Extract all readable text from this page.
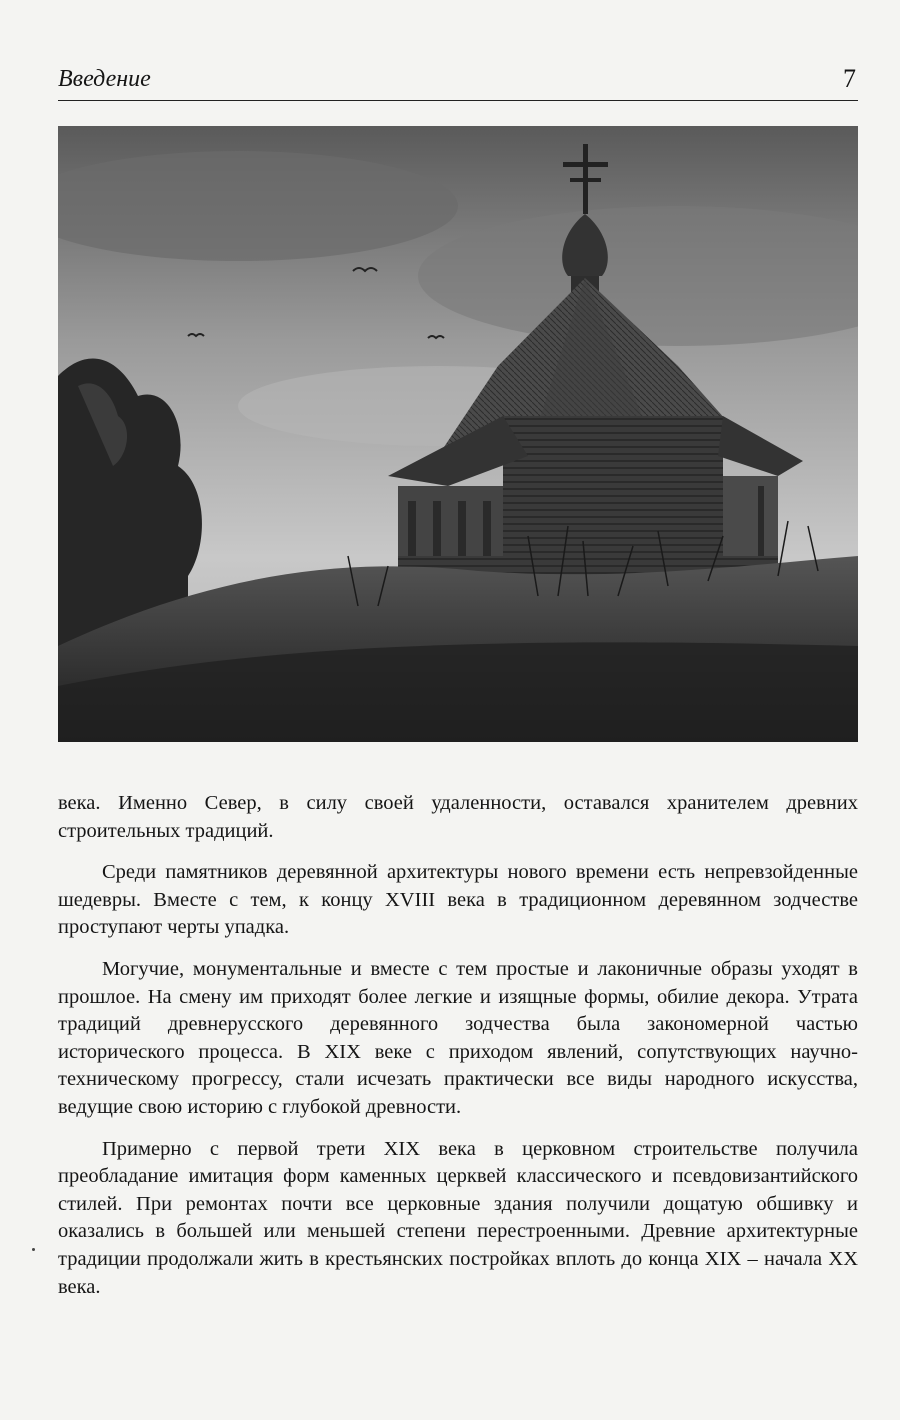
Введение	7

века. Именно Север, в силу своей удаленности, оставался хранителем древних строительных традиций.

Среди памятников деревянной архитектуры нового времени есть непревзойденные шедевры. Вместе с тем, к концу XVIII века в традиционном деревянном зодчестве проступают черты упадка.

Могучие, монументальные и вместе с тем простые и лаконичные образы уходят в прошлое. На смену им приходят более легкие и изящные формы, обилие декора. Утрата традиций древнерусского деревянного зодчества была закономерной частью исторического процесса. В XIX веке с приходом явлений, сопутствующих научно-техническому прогрессу, стали исчезать практически все виды народного искусства, ведущие свою историю с глубокой древности.

Примерно с первой трети XIX века в церковном строительстве получила преобладание имитация форм каменных церквей классического и псевдовизантийского стилей. При ремонтах почти все церковные здания получили дощатую обшивку и оказались в большей или меньшей степени перестроенными. Древние архитектурные традиции продолжали жить в крестьянских постройках вплоть до конца XIX – начала XX века.
